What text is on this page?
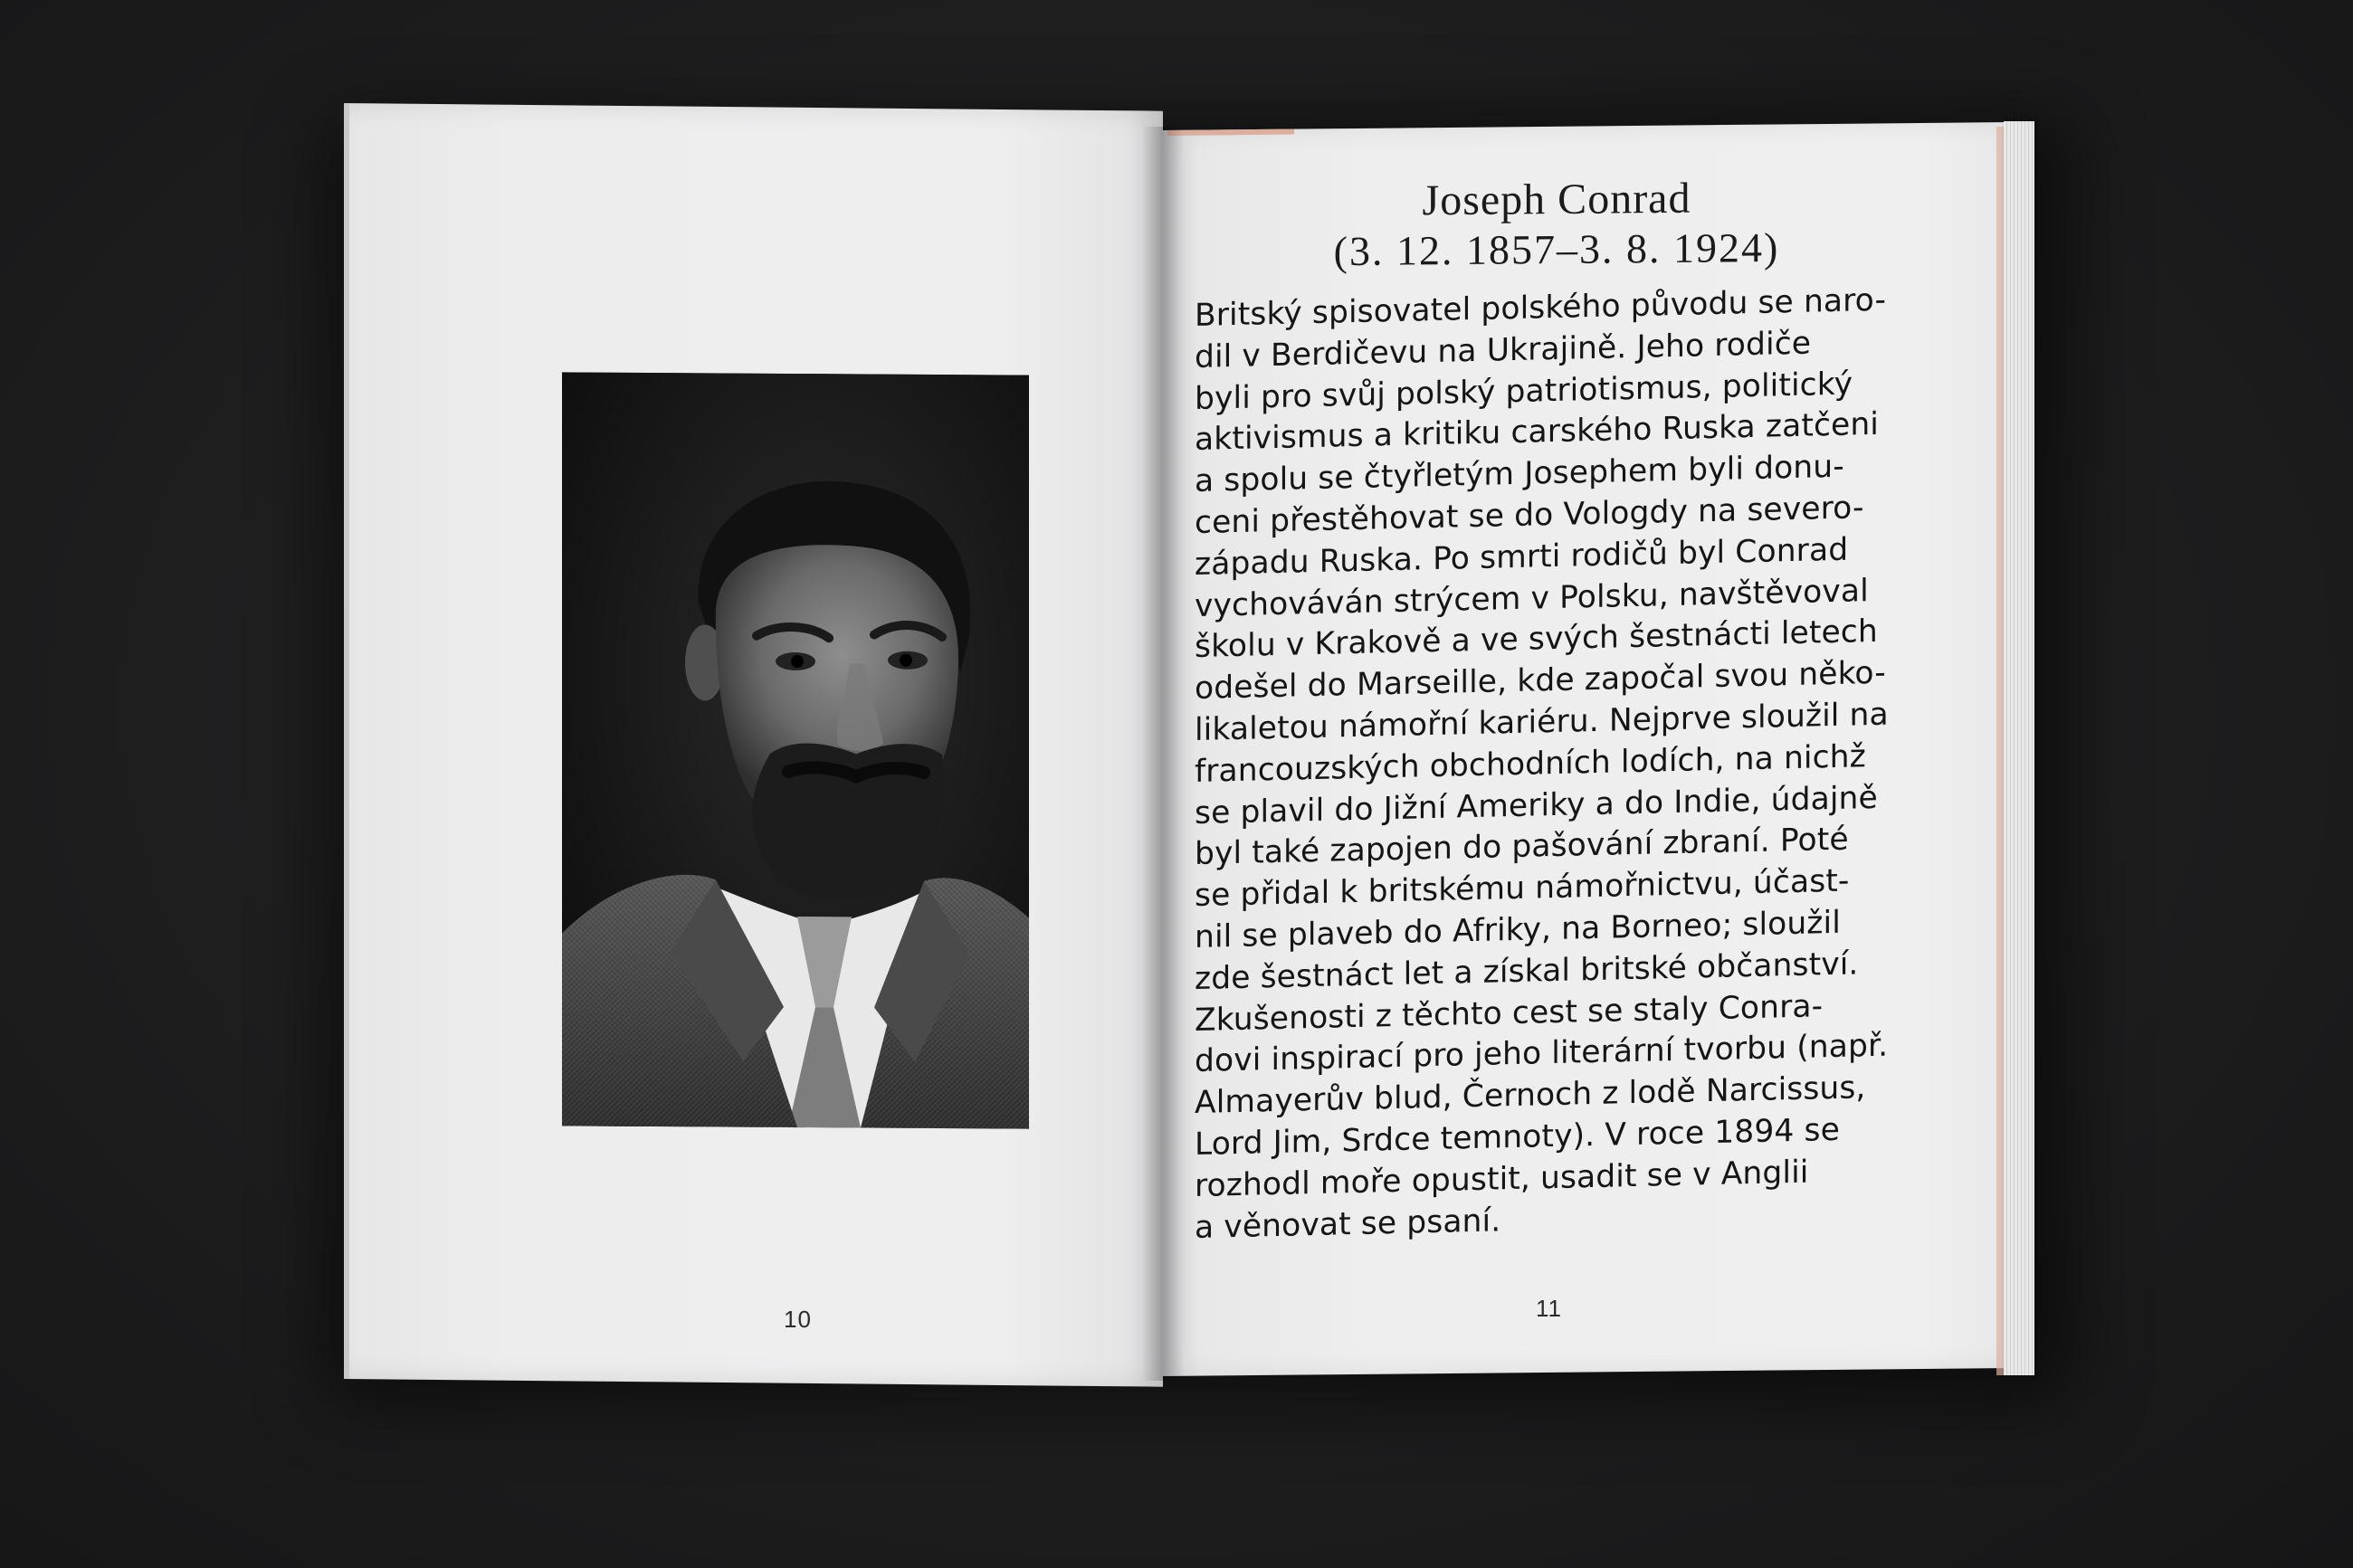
10
Joseph Conrad
(3. 12. 1857–3. 8. 1924)
Britský spisovatel polského původu se naro-
dil v Berdičevu na Ukrajině. Jeho rodiče
byli pro svůj polský patriotismus, politický
aktivismus a kritiku carského Ruska zatčeni
a spolu se čtyřletým Josephem byli donu-
ceni přestěhovat se do Vologdy na severo-
západu Ruska. Po smrti rodičů byl Conrad
vychováván strýcem v Polsku, navštěvoval
školu v Krakově a ve svých šestnácti letech
odešel do Marseille, kde započal svou něko-
likaletou námořní kariéru. Nejprve sloužil na
francouzských obchodních lodích, na nichž
se plavil do Jižní Ameriky a do Indie, údajně
byl také zapojen do pašování zbraní. Poté
se přidal k britskému námořnictvu, účast-
nil se plaveb do Afriky, na Borneo; sloužil
zde šestnáct let a získal britské občanství.
Zkušenosti z těchto cest se staly Conra-
dovi inspirací pro jeho literární tvorbu (např.
Almayerův blud, Černoch z lodě Narcissus,
Lord Jim, Srdce temnoty). V roce 1894 se
rozhodl moře opustit, usadit se v Anglii
a věnovat se psaní.
11
